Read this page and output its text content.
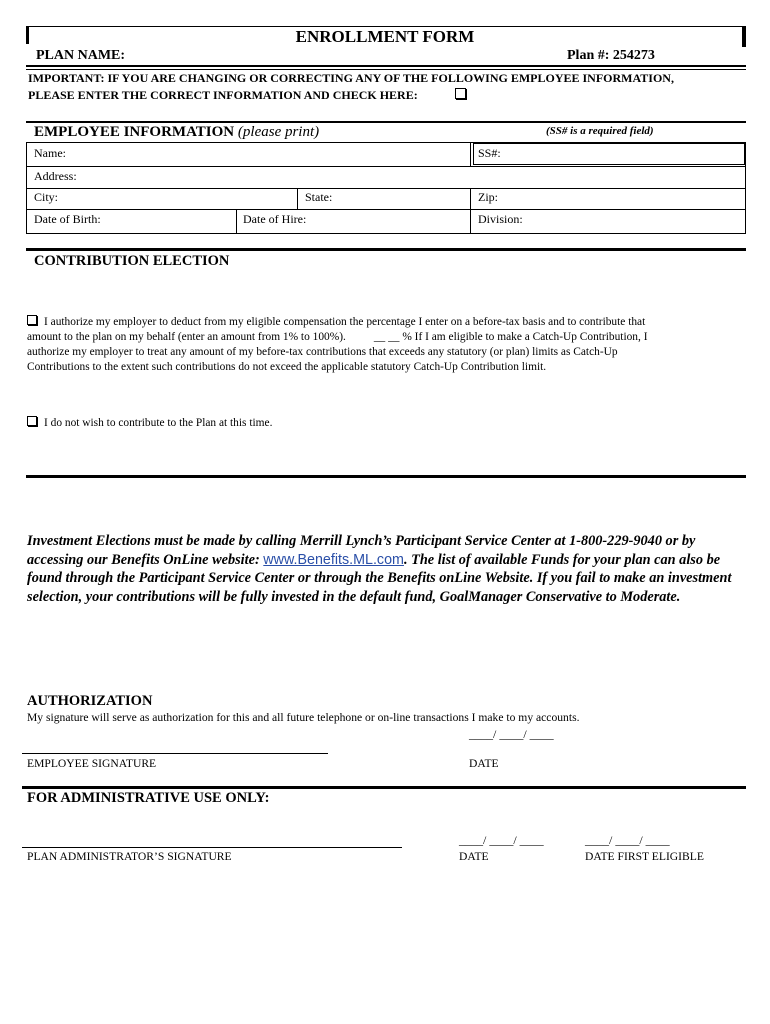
ENROLLMENT FORM
PLAN NAME:	Plan #: 254273
IMPORTANT: IF YOU ARE CHANGING OR CORRECTING ANY OF THE FOLLOWING EMPLOYEE INFORMATION,
PLEASE ENTER THE CORRECT INFORMATION AND CHECK HERE:
EMPLOYEE INFORMATION (please print)	(SS# is a required field)
Name:	SS#:
Address:
City:	State:	Zip:
Date of Birth:	Date of Hire:	Division:
CONTRIBUTION ELECTION
I authorize my employer to deduct from my eligible compensation the percentage I enter on a before-tax basis and to contribute that
amount to the plan on my behalf (enter an amount from 1% to 100%). __ __ % If I am eligible to make a Catch-Up Contribution, I
authorize my employer to treat any amount of my before-tax contributions that exceeds any statutory (or plan) limits as Catch-Up
Contributions to the extent such contributions do not exceed the applicable statutory Catch-Up Contribution limit.
I do not wish to contribute to the Plan at this time.
Investment Elections must be made by calling Merrill Lynch’s Participant Service Center at 1-800-229-9040 or by accessing our Benefits OnLine website: www.Benefits.ML.com. The list of available Funds for your plan can also be found through the Participant Service Center or through the Benefits onLine Website. If you fail to make an investment selection, your contributions will be fully invested in the default fund, GoalManager Conservative to Moderate.
AUTHORIZATION
My signature will serve as authorization for this and all future telephone or on-line transactions I make to my accounts.
____/ ____/ ____
EMPLOYEE SIGNATURE	DATE
FOR ADMINISTRATIVE USE ONLY:
____/ ____/ ____	____/ ____/ ____
PLAN ADMINISTRATOR’S SIGNATURE	DATE	DATE FIRST ELIGIBLE
